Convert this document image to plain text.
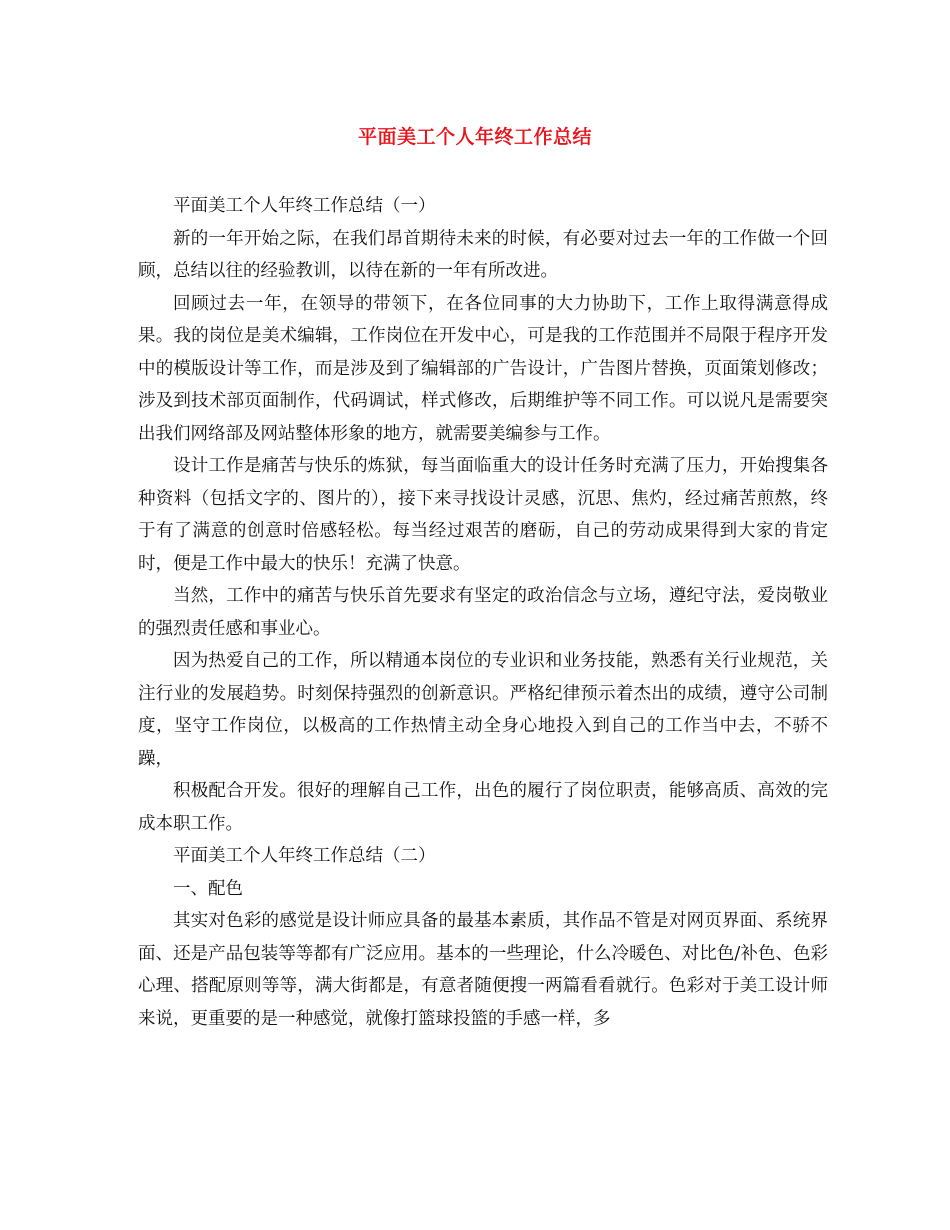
平面美工个人年终工作总结

平面美工个人年终工作总结（一）

新的一年开始之际，在我们昂首期待未来的时候，有必要对过去一年的工作做一个回顾，总结以往的经验教训，以待在新的一年有所改进。

回顾过去一年，在领导的带领下，在各位同事的大力协助下，工作上取得满意得成果。我的岗位是美术编辑，工作岗位在开发中心，可是我的工作范围并不局限于程序开发中的模版设计等工作，而是涉及到了编辑部的广告设计，广告图片替换，页面策划修改；涉及到技术部页面制作，代码调试，样式修改，后期维护等不同工作。可以说凡是需要突出我们网络部及网站整体形象的地方，就需要美编参与工作。

设计工作是痛苦与快乐的炼狱，每当面临重大的设计任务时充满了压力，开始搜集各种资料（包括文字的、图片的），接下来寻找设计灵感，沉思、焦灼，经过痛苦煎熬，终于有了满意的创意时倍感轻松。每当经过艰苦的磨砺，自己的劳动成果得到大家的肯定时，便是工作中最大的快乐！充满了快意。

当然，工作中的痛苦与快乐首先要求有坚定的政治信念与立场，遵纪守法，爱岗敬业的强烈责任感和事业心。

因为热爱自己的工作，所以精通本岗位的专业识和业务技能，熟悉有关行业规范，关注行业的发展趋势。时刻保持强烈的创新意识。严格纪律预示着杰出的成绩，遵守公司制度，坚守工作岗位，以极高的工作热情主动全身心地投入到自己的工作当中去，不骄不躁，

积极配合开发。很好的理解自己工作，出色的履行了岗位职责，能够高质、高效的完成本职工作。

平面美工个人年终工作总结（二）

一、配色

其实对色彩的感觉是设计师应具备的最基本素质，其作品不管是对网页界面、系统界面、还是产品包装等等都有广泛应用。基本的一些理论，什么冷暖色、对比色/补色、色彩心理、搭配原则等等，满大街都是，有意者随便搜一两篇看看就行。色彩对于美工设计师来说，更重要的是一种感觉，就像打篮球投篮的手感一样，多
